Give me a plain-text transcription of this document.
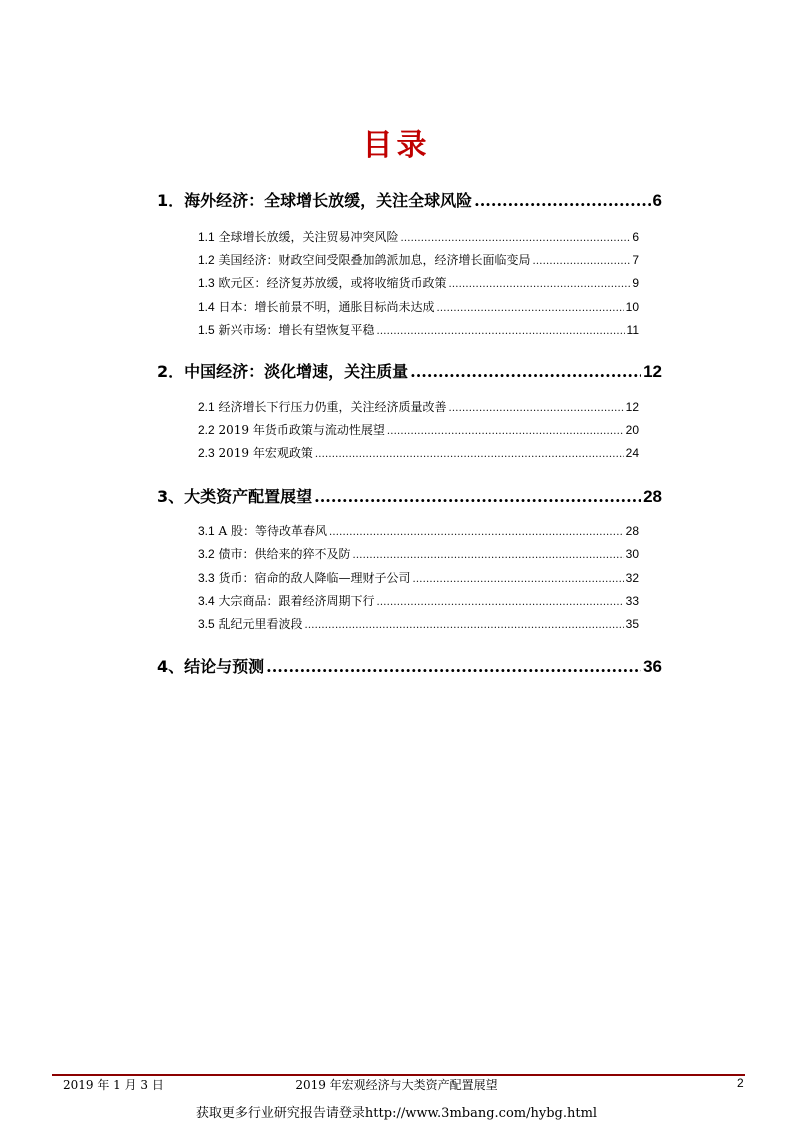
目录
1．海外经济：全球增长放缓，关注全球风险 .....	6
1.1 全球增长放缓，关注贸易冲突风险 .....	6
1.2 美国经济：财政空间受限叠加鸽派加息，经济增长面临变局 .....	7
1.3 欧元区：经济复苏放缓，或将收缩货币政策 .....	9
1.4 日本：增长前景不明，通胀目标尚未达成 .....	10
1.5 新兴市场：增长有望恢复平稳 .....	11
2．中国经济：淡化增速，关注质量 .....	12
2.1 经济增长下行压力仍重，关注经济质量改善 .....	12
2.2 2019 年货币政策与流动性展望 .....	20
2.3 2019 年宏观政策 .....	24
3、大类资产配置展望 .....	28
3.1 A 股：等待改革春风 .....	28
3.2 债市：供给来的猝不及防 .....	30
3.3 货币：宿命的敌人降临—理财子公司 .....	32
3.4 大宗商品：跟着经济周期下行 .....	33
3.5 乱纪元里看波段 .....	35
4、结论与预测 .....	36
2019 年 1 月 3 日	2019 年宏观经济与大类资产配置展望	2
获取更多行业研究报告请登录http://www.3mbang.com/hybg.html
